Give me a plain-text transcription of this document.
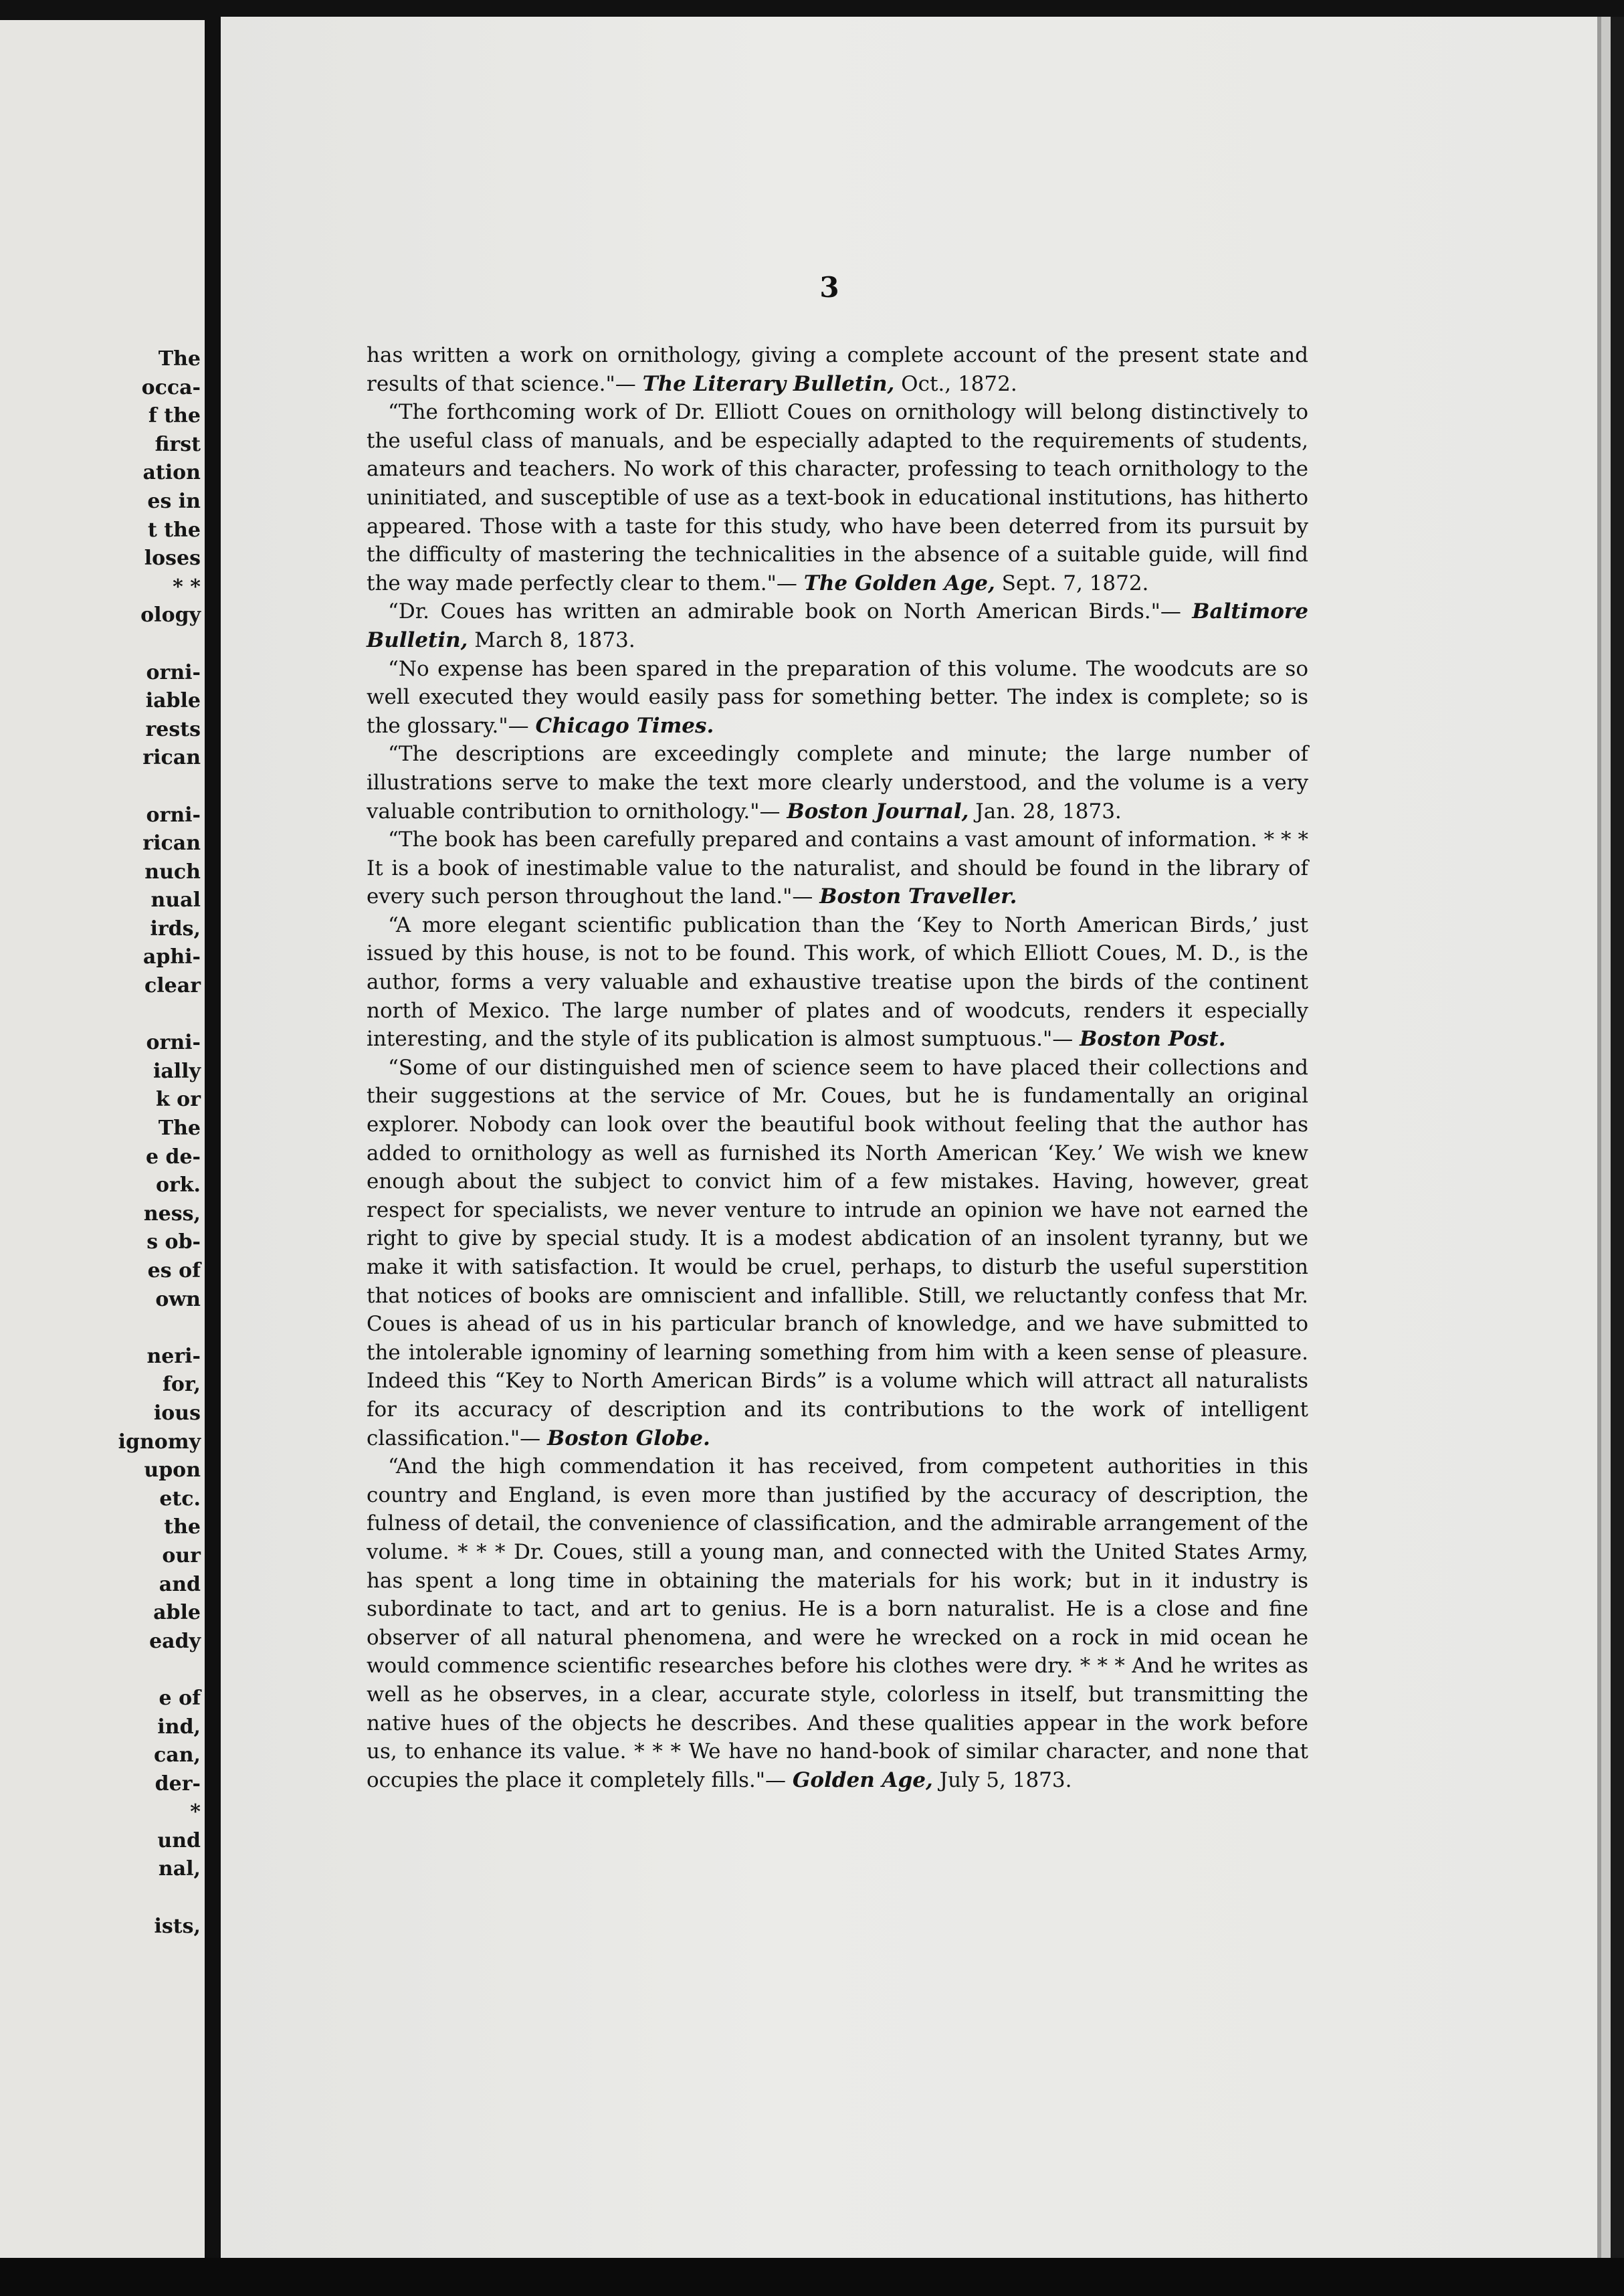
The
occa-
f the
first
ation
es in
t the
loses
* *
ology
orni-
iable
rests
rican
orni-
rican
nuch
nual
irds,
aphi-
clear
orni-
ially
k or
The
e de-
ork.
ness,
s ob-
es of
own
neri-
for,
ious
ignomy
upon
etc.
the
our
and
able
eady
e of
ind,
can,
der-
*
und
nal,
ists,
3

has written a work on ornithology, giving a complete account of the present state and results of that science."— The Literary Bulletin, Oct., 1872.

“The forthcoming work of Dr. Elliott Coues on ornithology will belong distinctively to the useful class of manuals, and be especially adapted to the requirements of students, amateurs and teachers. No work of this character, professing to teach ornithology to the uninitiated, and susceptible of use as a text-book in educational institutions, has hitherto appeared. Those with a taste for this study, who have been deterred from its pursuit by the difficulty of mastering the technicalities in the absence of a suitable guide, will find the way made perfectly clear to them."— The Golden Age, Sept. 7, 1872.

“Dr. Coues has written an admirable book on North American Birds."— Baltimore Bulletin, March 8, 1873.

“No expense has been spared in the preparation of this volume. The woodcuts are so well executed they would easily pass for something better. The index is complete; so is the glossary."— Chicago Times.

“The descriptions are exceedingly complete and minute; the large number of illustrations serve to make the text more clearly understood, and the volume is a very valuable contribution to ornithology."— Boston Journal, Jan. 28, 1873.

“The book has been carefully prepared and contains a vast amount of information. * * * It is a book of inestimable value to the naturalist, and should be found in the library of every such person throughout the land."— Boston Traveller.

“A more elegant scientific publication than the ‘Key to North American Birds,’ just issued by this house, is not to be found. This work, of which Elliott Coues, M. D., is the author, forms a very valuable and exhaustive treatise upon the birds of the continent north of Mexico. The large number of plates and of woodcuts, renders it especially interesting, and the style of its publication is almost sumptuous."— Boston Post.

“Some of our distinguished men of science seem to have placed their collections and their suggestions at the service of Mr. Coues, but he is fundamentally an original explorer. Nobody can look over the beautiful book without feeling that the author has added to ornithology as well as furnished its North American ‘Key.’ We wish we knew enough about the subject to convict him of a few mistakes. Having, however, great respect for specialists, we never venture to intrude an opinion we have not earned the right to give by special study. It is a modest abdication of an insolent tyranny, but we make it with satisfaction. It would be cruel, perhaps, to disturb the useful superstition that notices of books are omniscient and infallible. Still, we reluctantly confess that Mr. Coues is ahead of us in his particular branch of knowledge, and we have submitted to the intolerable ignominy of learning something from him with a keen sense of pleasure. Indeed this “Key to North American Birds” is a volume which will attract all naturalists for its accuracy of description and its contributions to the work of intelligent classification."— Boston Globe.

“And the high commendation it has received, from competent authorities in this country and England, is even more than justified by the accuracy of description, the fulness of detail, the convenience of classification, and the admirable arrangement of the volume. * * * Dr. Coues, still a young man, and connected with the United States Army, has spent a long time in obtaining the materials for his work; but in it industry is subordinate to tact, and art to genius. He is a born naturalist. He is a close and fine observer of all natural phenomena, and were he wrecked on a rock in mid ocean he would commence scientific researches before his clothes were dry. * * * And he writes as well as he observes, in a clear, accurate style, colorless in itself, but transmitting the native hues of the objects he describes. And these qualities appear in the work before us, to enhance its value. * * * We have no hand-book of similar character, and none that occupies the place it completely fills."— Golden Age, July 5, 1873.
